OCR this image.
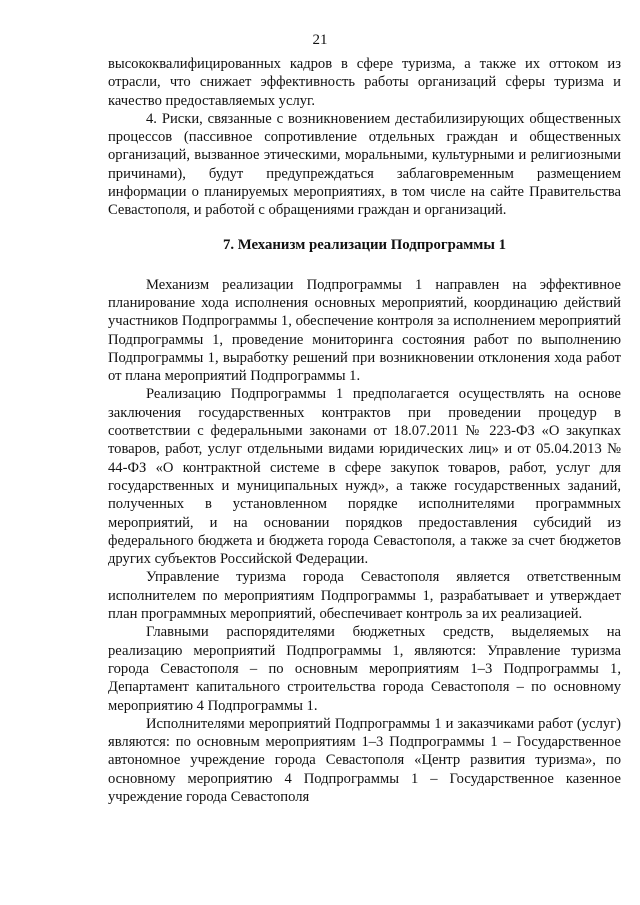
21

высококвалифицированных кадров в сфере туризма, а также их оттоком из отрасли, что снижает эффективность работы организаций сферы туризма и качество предоставляемых услуг.

4. Риски, связанные с возникновением дестабилизирующих общественных процессов (пассивное сопротивление отдельных граждан и общественных организаций, вызванное этическими, моральными, культурными и религиозными причинами), будут предупреждаться заблаговременным размещением информации о планируемых мероприятиях, в том числе на сайте Правительства Севастополя, и работой с обращениями граждан и организаций.

7. Механизм реализации Подпрограммы 1

Механизм реализации Подпрограммы 1 направлен на эффективное планирование хода исполнения основных мероприятий, координацию действий участников Подпрограммы 1, обеспечение контроля за исполнением мероприятий Подпрограммы 1, проведение мониторинга состояния работ по выполнению Подпрограммы 1, выработку решений при возникновении отклонения хода работ от плана мероприятий Подпрограммы 1.

Реализацию Подпрограммы 1 предполагается осуществлять на основе заключения государственных контрактов при проведении процедур в соответствии с федеральными законами от 18.07.2011 № 223-ФЗ «О закупках товаров, работ, услуг отдельными видами юридических лиц» и от 05.04.2013 № 44-ФЗ «О контрактной системе в сфере закупок товаров, работ, услуг для государственных и муниципальных нужд», а также государственных заданий, полученных в установленном порядке исполнителями программных мероприятий, и на основании порядков предоставления субсидий из федерального бюджета и бюджета города Севастополя, а также за счет бюджетов других субъектов Российской Федерации.

Управление туризма города Севастополя является ответственным исполнителем по мероприятиям Подпрограммы 1, разрабатывает и утверждает план программных мероприятий, обеспечивает контроль за их реализацией.

Главными распорядителями бюджетных средств, выделяемых на реализацию мероприятий Подпрограммы 1, являются: Управление туризма города Севастополя – по основным мероприятиям 1–3 Подпрограммы 1, Департамент капитального строительства города Севастополя – по основному мероприятию 4 Подпрограммы 1.

Исполнителями мероприятий Подпрограммы 1 и заказчиками работ (услуг) являются: по основным мероприятиям 1–3 Подпрограммы 1 – Государственное автономное учреждение города Севастополя «Центр развития туризма», по основному мероприятию 4 Подпрограммы 1 – Государственное казенное учреждение города Севастополя
